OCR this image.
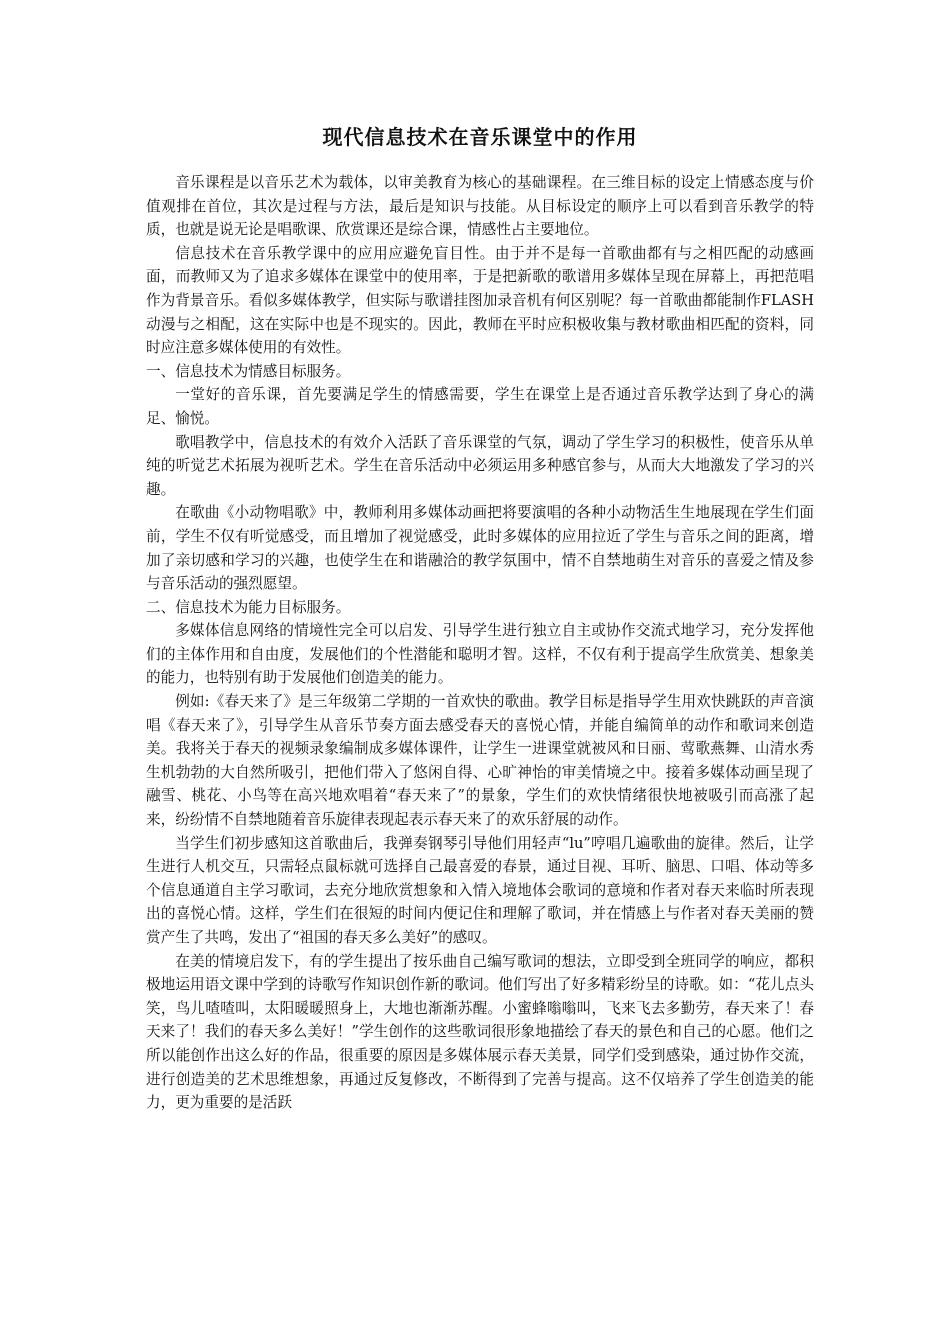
现代信息技术在音乐课堂中的作用

音乐课程是以音乐艺术为载体，以审美教育为核心的基础课程。在三维目标的设定上情感态度与价值观排在首位，其次是过程与方法，最后是知识与技能。从目标设定的顺序上可以看到音乐教学的特质，也就是说无论是唱歌课、欣赏课还是综合课，情感性占主要地位。

信息技术在音乐教学课中的应用应避免盲目性。由于并不是每一首歌曲都有与之相匹配的动感画面，而教师又为了追求多媒体在课堂中的使用率，于是把新歌的歌谱用多媒体呈现在屏幕上，再把范唱作为背景音乐。看似多媒体教学，但实际与歌谱挂图加录音机有何区别呢？每一首歌曲都能制作FLASH动漫与之相配，这在实际中也是不现实的。因此，教师在平时应积极收集与教材歌曲相匹配的资料，同时应注意多媒体使用的有效性。

一、信息技术为情感目标服务。

一堂好的音乐课，首先要满足学生的情感需要，学生在课堂上是否通过音乐教学达到了身心的满足、愉悦。

歌唱教学中，信息技术的有效介入活跃了音乐课堂的气氛，调动了学生学习的积极性，使音乐从单纯的听觉艺术拓展为视听艺术。学生在音乐活动中必须运用多种感官参与，从而大大地激发了学习的兴趣。

在歌曲《小动物唱歌》中，教师利用多媒体动画把将要演唱的各种小动物活生生地展现在学生们面前，学生不仅有听觉感受，而且增加了视觉感受，此时多媒体的应用拉近了学生与音乐之间的距离，增加了亲切感和学习的兴趣，也使学生在和谐融洽的教学氛围中，情不自禁地萌生对音乐的喜爱之情及参与音乐活动的强烈愿望。

二、信息技术为能力目标服务。

多媒体信息网络的情境性完全可以启发、引导学生进行独立自主或协作交流式地学习，充分发挥他们的主体作用和自由度，发展他们的个性潜能和聪明才智。这样，不仅有利于提高学生欣赏美、想象美的能力，也特别有助于发展他们创造美的能力。

例如:《春天来了》是三年级第二学期的一首欢快的歌曲。教学目标是指导学生用欢快跳跃的声音演唱《春天来了》，引导学生从音乐节奏方面去感受春天的喜悦心情，并能自编简单的动作和歌词来创造美。我将关于春天的视频录象编制成多媒体课件，让学生一进课堂就被风和日丽、莺歌燕舞、山清水秀生机勃勃的大自然所吸引，把他们带入了悠闲自得、心旷神怡的审美情境之中。接着多媒体动画呈现了融雪、桃花、小鸟等在高兴地欢唱着“春天来了”的景象，学生们的欢快情绪很快地被吸引而高涨了起来，纷纷情不自禁地随着音乐旋律表现起表示春天来了的欢乐舒展的动作。

当学生们初步感知这首歌曲后，我弹奏钢琴引导他们用轻声“lu”哼唱几遍歌曲的旋律。然后，让学生进行人机交互，只需轻点鼠标就可选择自己最喜爱的春景，通过目视、耳听、脑思、口唱、体动等多个信息通道自主学习歌词，去充分地欣赏想象和入情入境地体会歌词的意境和作者对春天来临时所表现出的喜悦心情。这样，学生们在很短的时间内便记住和理解了歌词，并在情感上与作者对春天美丽的赞赏产生了共鸣，发出了“祖国的春天多么美好”的感叹。

在美的情境启发下，有的学生提出了按乐曲自己编写歌词的想法，立即受到全班同学的响应，都积极地运用语文课中学到的诗歌写作知识创作新的歌词。他们写出了好多精彩纷呈的诗歌。如：“花儿点头笑，鸟儿喳喳叫，太阳暖暖照身上，大地也渐渐苏醒。小蜜蜂嗡嗡叫，飞来飞去多勤劳，春天来了！春天来了！我们的春天多么美好！”学生创作的这些歌词很形象地描绘了春天的景色和自己的心愿。他们之所以能创作出这么好的作品，很重要的原因是多媒体展示春天美景，同学们受到感染，通过协作交流，进行创造美的艺术思维想象，再通过反复修改，不断得到了完善与提高。这不仅培养了学生创造美的能力，更为重要的是活跃
